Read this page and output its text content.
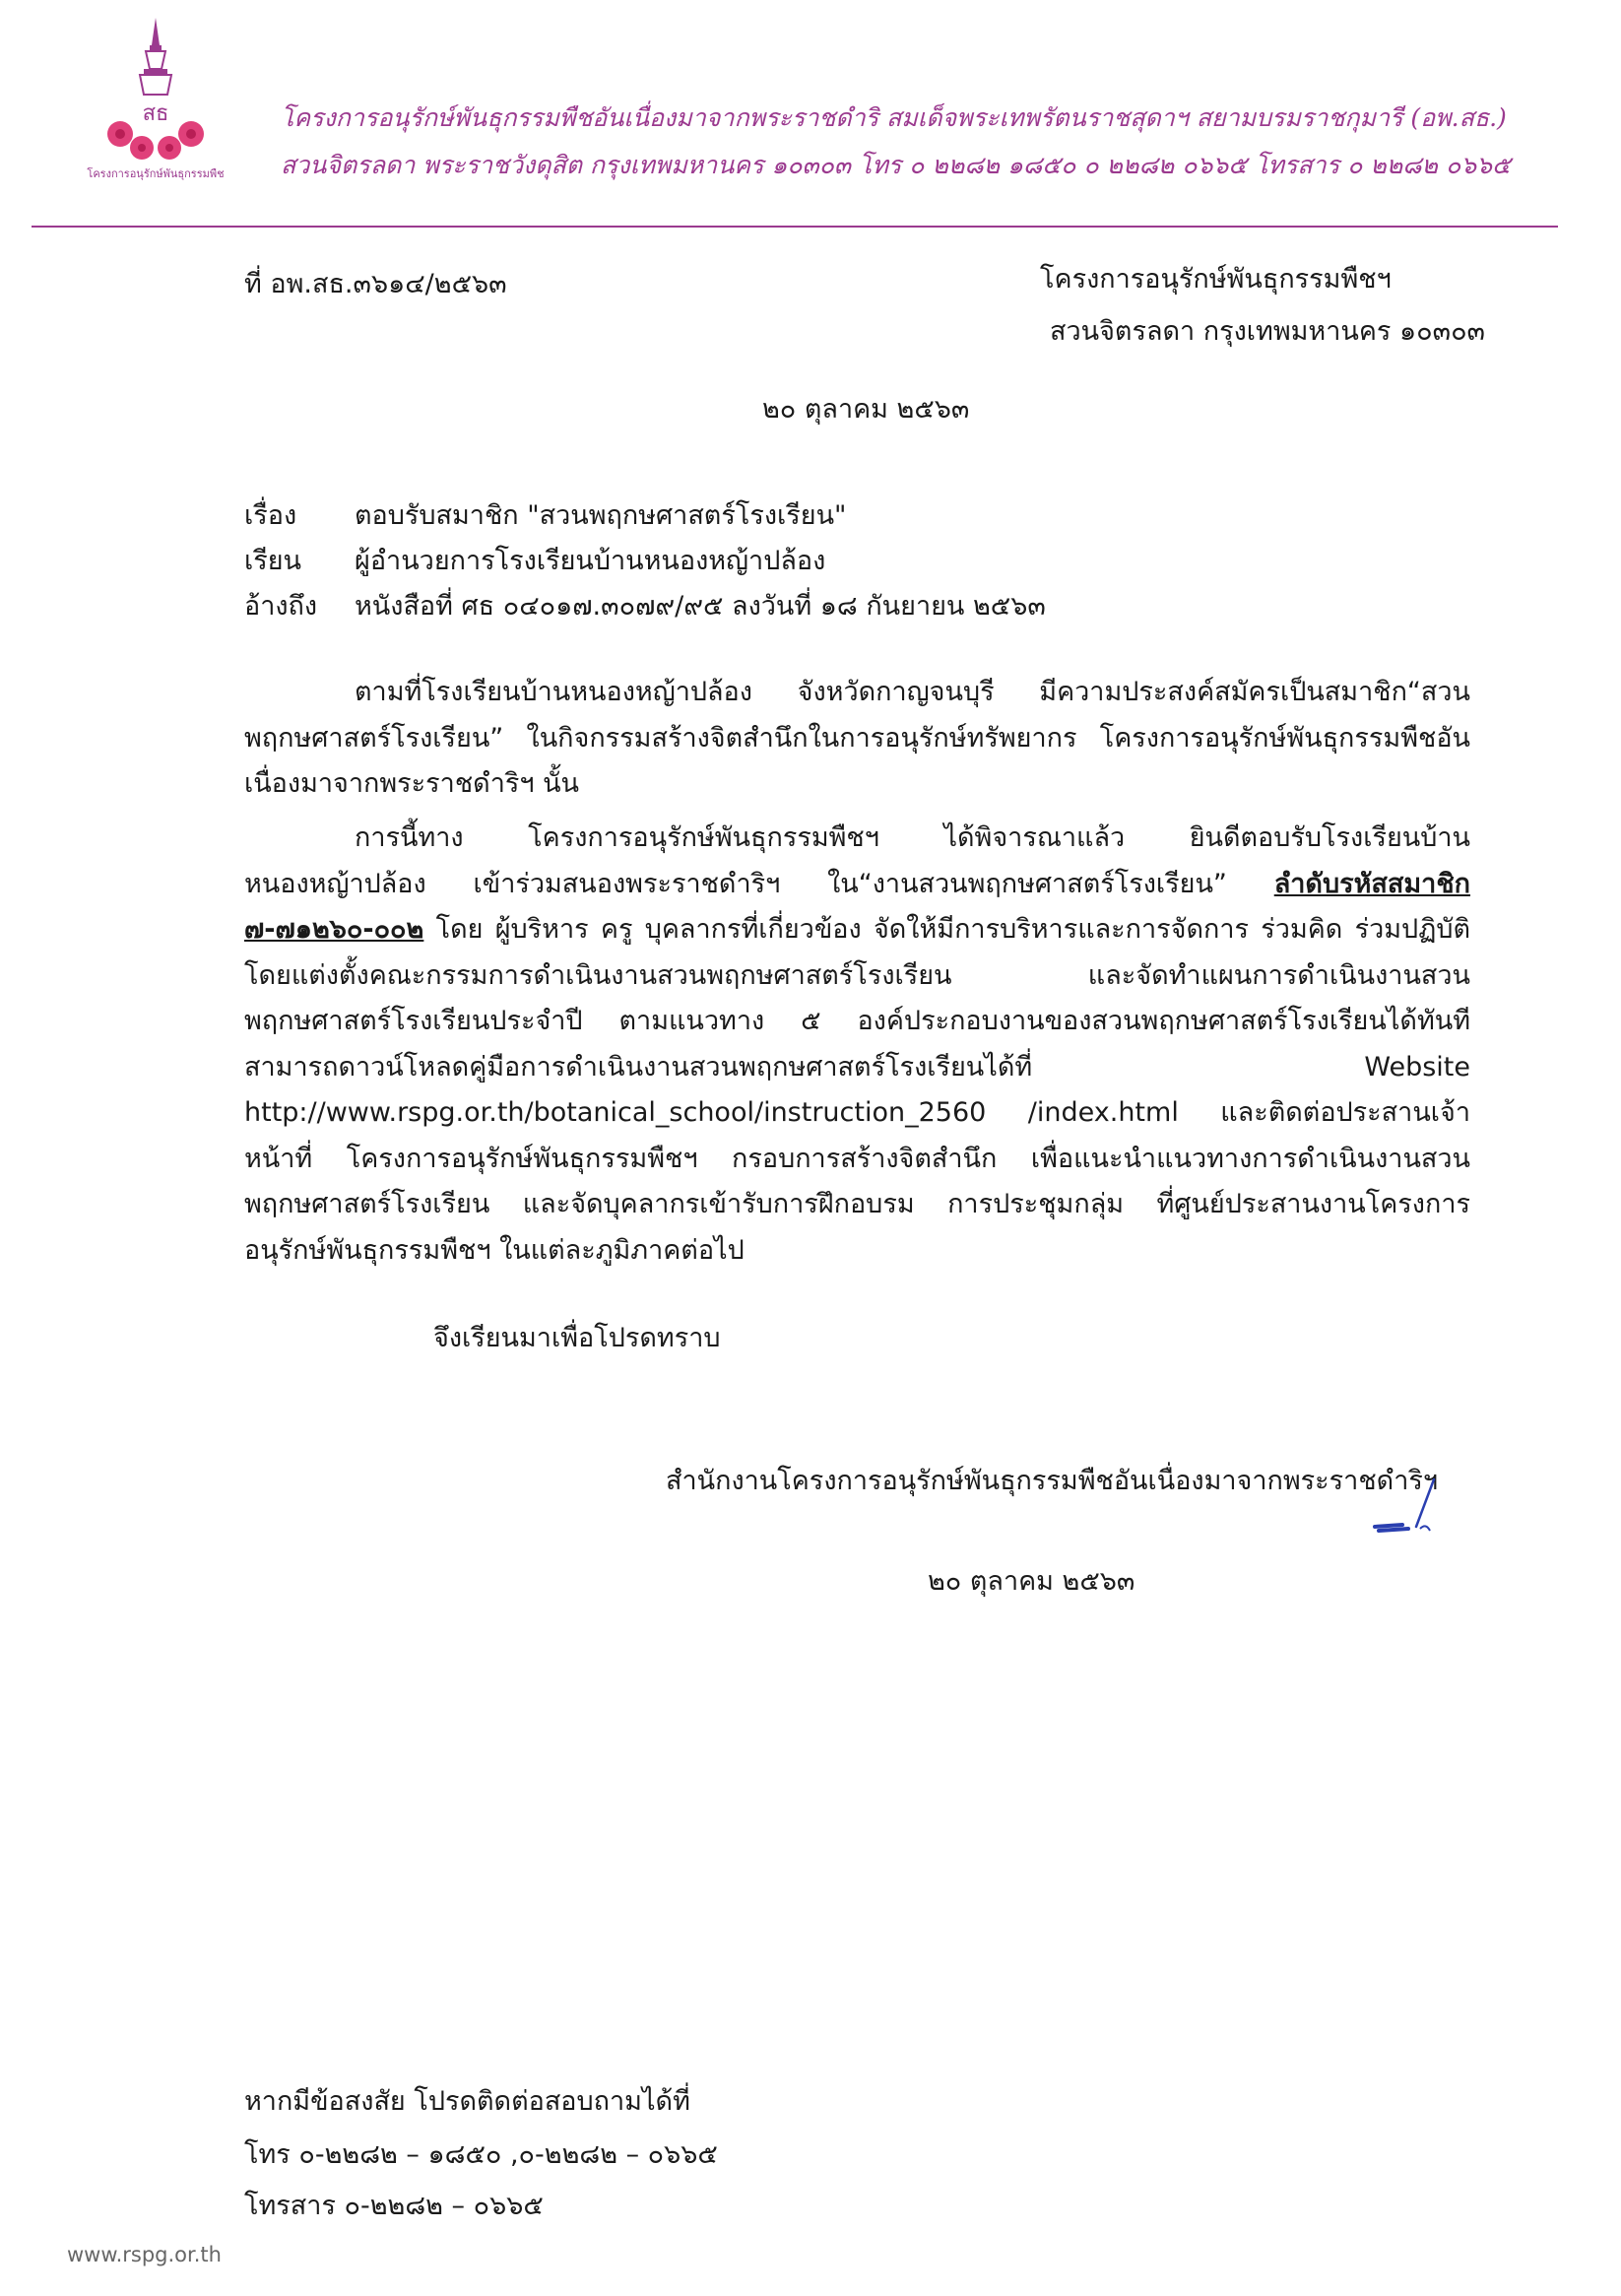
สธ
โครงการอนุรักษ์พันธุกรรมพืช
โครงการอนุรักษ์พันธุกรรมพืชอันเนื่องมาจากพระราชดำริ สมเด็จพระเทพรัตนราชสุดาฯ สยามบรมราชกุมารี (อพ.สธ.)
สวนจิตรลดา พระราชวังดุสิต กรุงเทพมหานคร ๑๐๓๐๓ โทร ๐ ๒๒๘๒ ๑๘๕๐ ๐ ๒๒๘๒ ๐๖๖๕ โทรสาร ๐ ๒๒๘๒ ๐๖๖๕
ที่ อพ.สธ.๓๖๑๔/๒๕๖๓	โครงการอนุรักษ์พันธุกรรมพืชฯ
สวนจิตรลดา กรุงเทพมหานคร ๑๐๓๐๓
๒๐ ตุลาคม ๒๕๖๓
เรื่อง ตอบรับสมาชิก "สวนพฤกษศาสตร์โรงเรียน"
เรียน ผู้อำนวยการโรงเรียนบ้านหนองหญ้าปล้อง
อ้างถึง หนังสือที่ ศธ ๐๔๐๑๗.๓๐๗๙/๙๕ ลงวันที่ ๑๘ กันยายน ๒๕๖๓
ตามที่โรงเรียนบ้านหนองหญ้าปล้อง จังหวัดกาญจนบุรี มีความประสงค์สมัครเป็นสมาชิก“สวนพฤกษศาสตร์โรงเรียน” ในกิจกรรมสร้างจิตสำนึกในการอนุรักษ์ทรัพยากร โครงการอนุรักษ์พันธุกรรมพืชอันเนื่องมาจากพระราชดำริฯ นั้น
การนี้ทาง โครงการอนุรักษ์พันธุกรรมพืชฯ ได้พิจารณาแล้ว ยินดีตอบรับโรงเรียนบ้านหนองหญ้าปล้อง เข้าร่วมสนองพระราชดำริฯ ใน“งานสวนพฤกษศาสตร์โรงเรียน” ลำดับรหัสสมาชิก ๗-๗๑๒๖๐-๐๐๒ โดย ผู้บริหาร ครู บุคลากรที่เกี่ยวข้อง จัดให้มีการบริหารและการจัดการ ร่วมคิด ร่วมปฏิบัติ โดยแต่งตั้งคณะกรรมการดำเนินงานสวนพฤกษศาสตร์โรงเรียน และจัดทำแผนการดำเนินงานสวนพฤกษศาสตร์โรงเรียนประจำปี ตามแนวทาง ๕ องค์ประกอบงานของสวนพฤกษศาสตร์โรงเรียนได้ทันที สามารถดาวน์โหลดคู่มือการดำเนินงานสวนพฤกษศาสตร์โรงเรียนได้ที่ Website http://www.rspg.or.th/botanical_school/instruction_2560 /index.html และติดต่อประสานเจ้าหน้าที่ โครงการอนุรักษ์พันธุกรรมพืชฯ กรอบการสร้างจิตสำนึก เพื่อแนะนำแนวทางการดำเนินงานสวนพฤกษศาสตร์โรงเรียน และจัดบุคลากรเข้ารับการฝึกอบรม การประชุมกลุ่ม ที่ศูนย์ประสานงานโครงการอนุรักษ์พันธุกรรมพืชฯ ในแต่ละภูมิภาคต่อไป
จึงเรียนมาเพื่อโปรดทราบ
สำนักงานโครงการอนุรักษ์พันธุกรรมพืชอันเนื่องมาจากพระราชดำริฯ
๒๐ ตุลาคม ๒๕๖๓
หากมีข้อสงสัย โปรดติดต่อสอบถามได้ที่
โทร ๐-๒๒๘๒ – ๑๘๕๐ ,๐-๒๒๘๒ – ๐๖๖๕
โทรสาร ๐-๒๒๘๒ – ๐๖๖๕
www.rspg.or.th
